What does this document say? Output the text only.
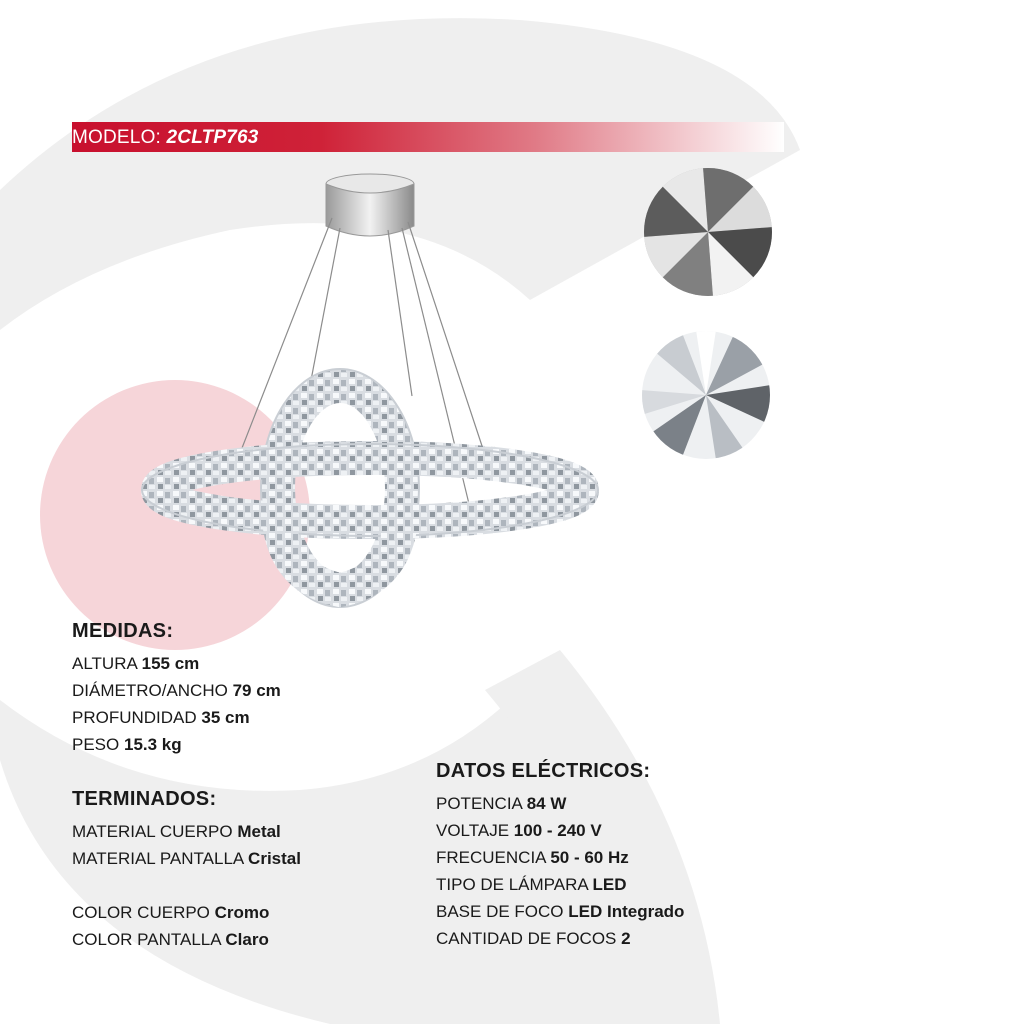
MODELO: 2CLTP763
MEDIDAS:
ALTURA 155 cm
DIÁMETRO/ANCHO 79 cm
PROFUNDIDAD 35 cm
PESO 15.3 kg
TERMINADOS:
MATERIAL CUERPO Metal
MATERIAL PANTALLA Cristal
COLOR CUERPO Cromo
COLOR PANTALLA Claro
DATOS ELÉCTRICOS:
POTENCIA 84 W
VOLTAJE 100 - 240 V
FRECUENCIA 50 - 60 Hz
TIPO DE LÁMPARA LED
BASE DE FOCO LED Integrado
CANTIDAD DE FOCOS 2
